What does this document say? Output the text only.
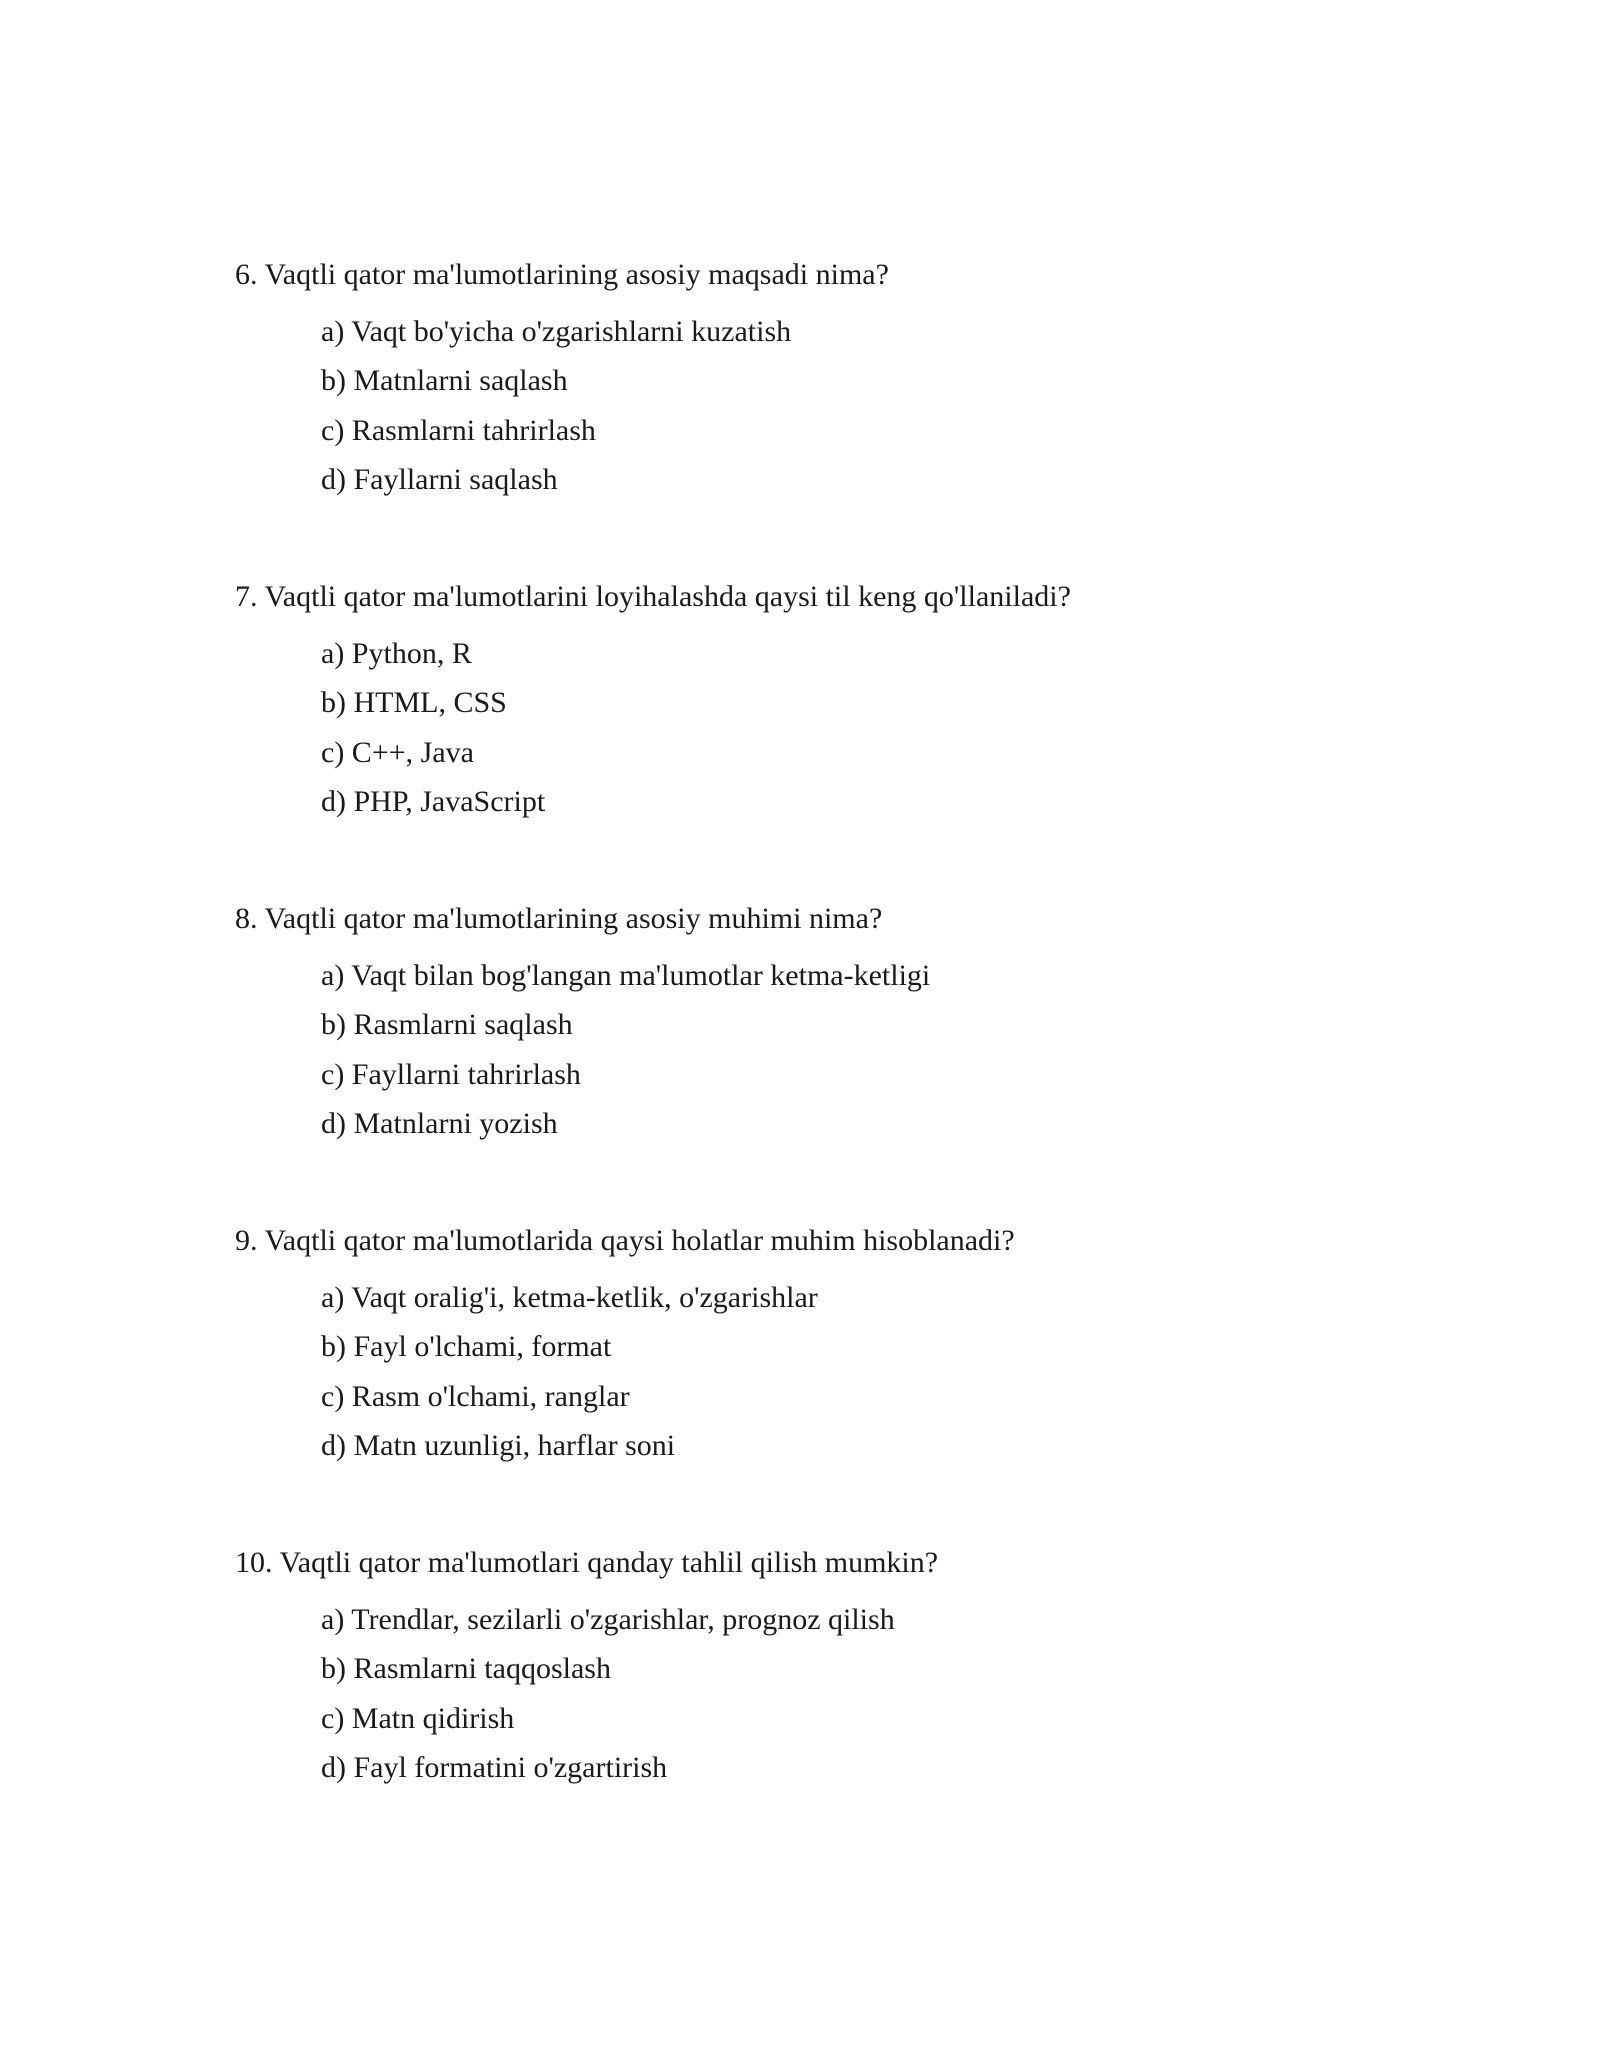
6. Vaqtli qator ma'lumotlarining asosiy maqsadi nima?
a) Vaqt bo'yicha o'zgarishlarni kuzatish
b) Matnlarni saqlash
c) Rasmlarni tahrirlash
d) Fayllarni saqlash
7. Vaqtli qator ma'lumotlarini loyihalashda qaysi til keng qo'llaniladi?
a) Python, R
b) HTML, CSS
c) C++, Java
d) PHP, JavaScript
8. Vaqtli qator ma'lumotlarining asosiy muhimi nima?
a) Vaqt bilan bog'langan ma'lumotlar ketma-ketligi
b) Rasmlarni saqlash
c) Fayllarni tahrirlash
d) Matnlarni yozish
9. Vaqtli qator ma'lumotlarida qaysi holatlar muhim hisoblanadi?
a) Vaqt oralig'i, ketma-ketlik, o'zgarishlar
b) Fayl o'lchami, format
c) Rasm o'lchami, ranglar
d) Matn uzunligi, harflar soni
10. Vaqtli qator ma'lumotlari qanday tahlil qilish mumkin?
a) Trendlar, sezilarli o'zgarishlar, prognoz qilish
b) Rasmlarni taqqoslash
c) Matn qidirish
d) Fayl formatini o'zgartirish
